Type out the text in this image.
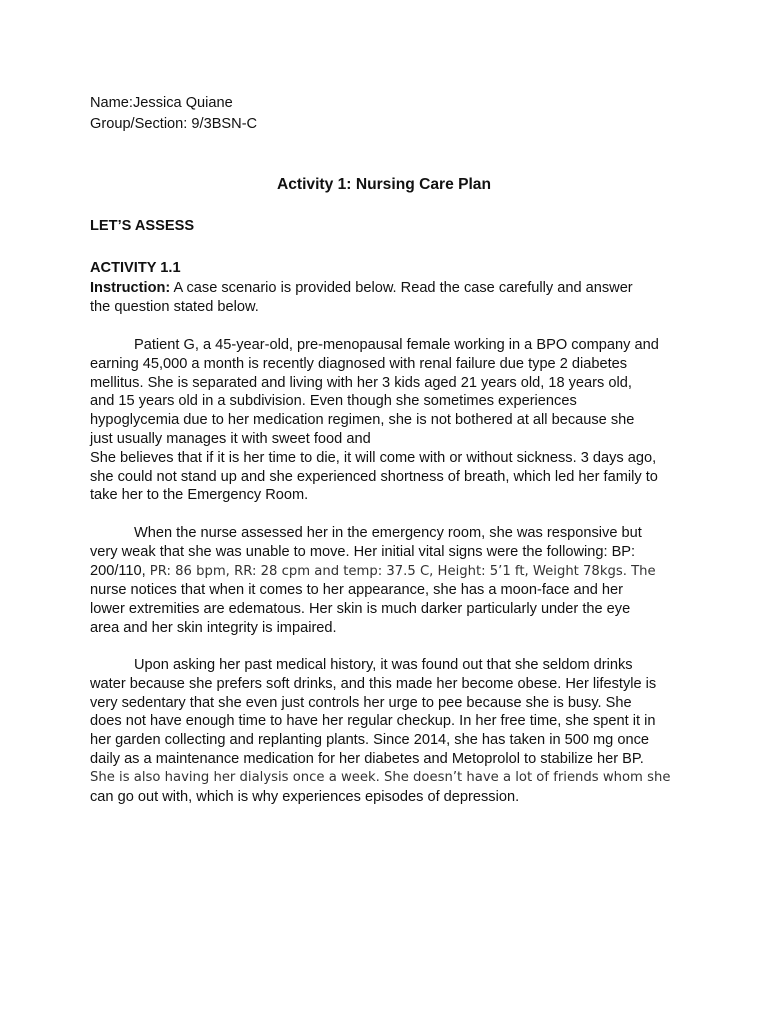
Name:Jessica Quiane
Group/Section: 9/3BSN-C
Activity 1: Nursing Care Plan
LET’S ASSESS
ACTIVITY 1.1
Instruction: A case scenario is provided below. Read the case carefully and answer
the question stated below.
Patient G, a 45-year-old, pre-menopausal female working in a BPO company and
earning 45,000 a month is recently diagnosed with renal failure due type 2 diabetes
mellitus. She is separated and living with her 3 kids aged 21 years old, 18 years old,
and 15 years old in a subdivision. Even though she sometimes experiences
hypoglycemia due to her medication regimen, she is not bothered at all because she
just usually manages it with sweet food and
She believes that if it is her time to die, it will come with or without sickness. 3 days ago,
she could not stand up and she experienced shortness of breath, which led her family to
take her to the Emergency Room.
When the nurse assessed her in the emergency room, she was responsive but
very weak that she was unable to move. Her initial vital signs were the following: BP:
200/110, PR: 86 bpm, RR: 28 cpm and temp: 37.5 C, Height: 5’1 ft, Weight 78kgs. The
nurse notices that when it comes to her appearance, she has a moon-face and her
lower extremities are edematous. Her skin is much darker particularly under the eye
area and her skin integrity is impaired.
Upon asking her past medical history, it was found out that she seldom drinks
water because she prefers soft drinks, and this made her become obese. Her lifestyle is
very sedentary that she even just controls her urge to pee because she is busy. She
does not have enough time to have her regular checkup. In her free time, she spent it in
her garden collecting and replanting plants. Since 2014, she has taken in 500 mg once
daily as a maintenance medication for her diabetes and Metoprolol to stabilize her BP.
She is also having her dialysis once a week. She doesn’t have a lot of friends whom she
can go out with, which is why experiences episodes of depression.
